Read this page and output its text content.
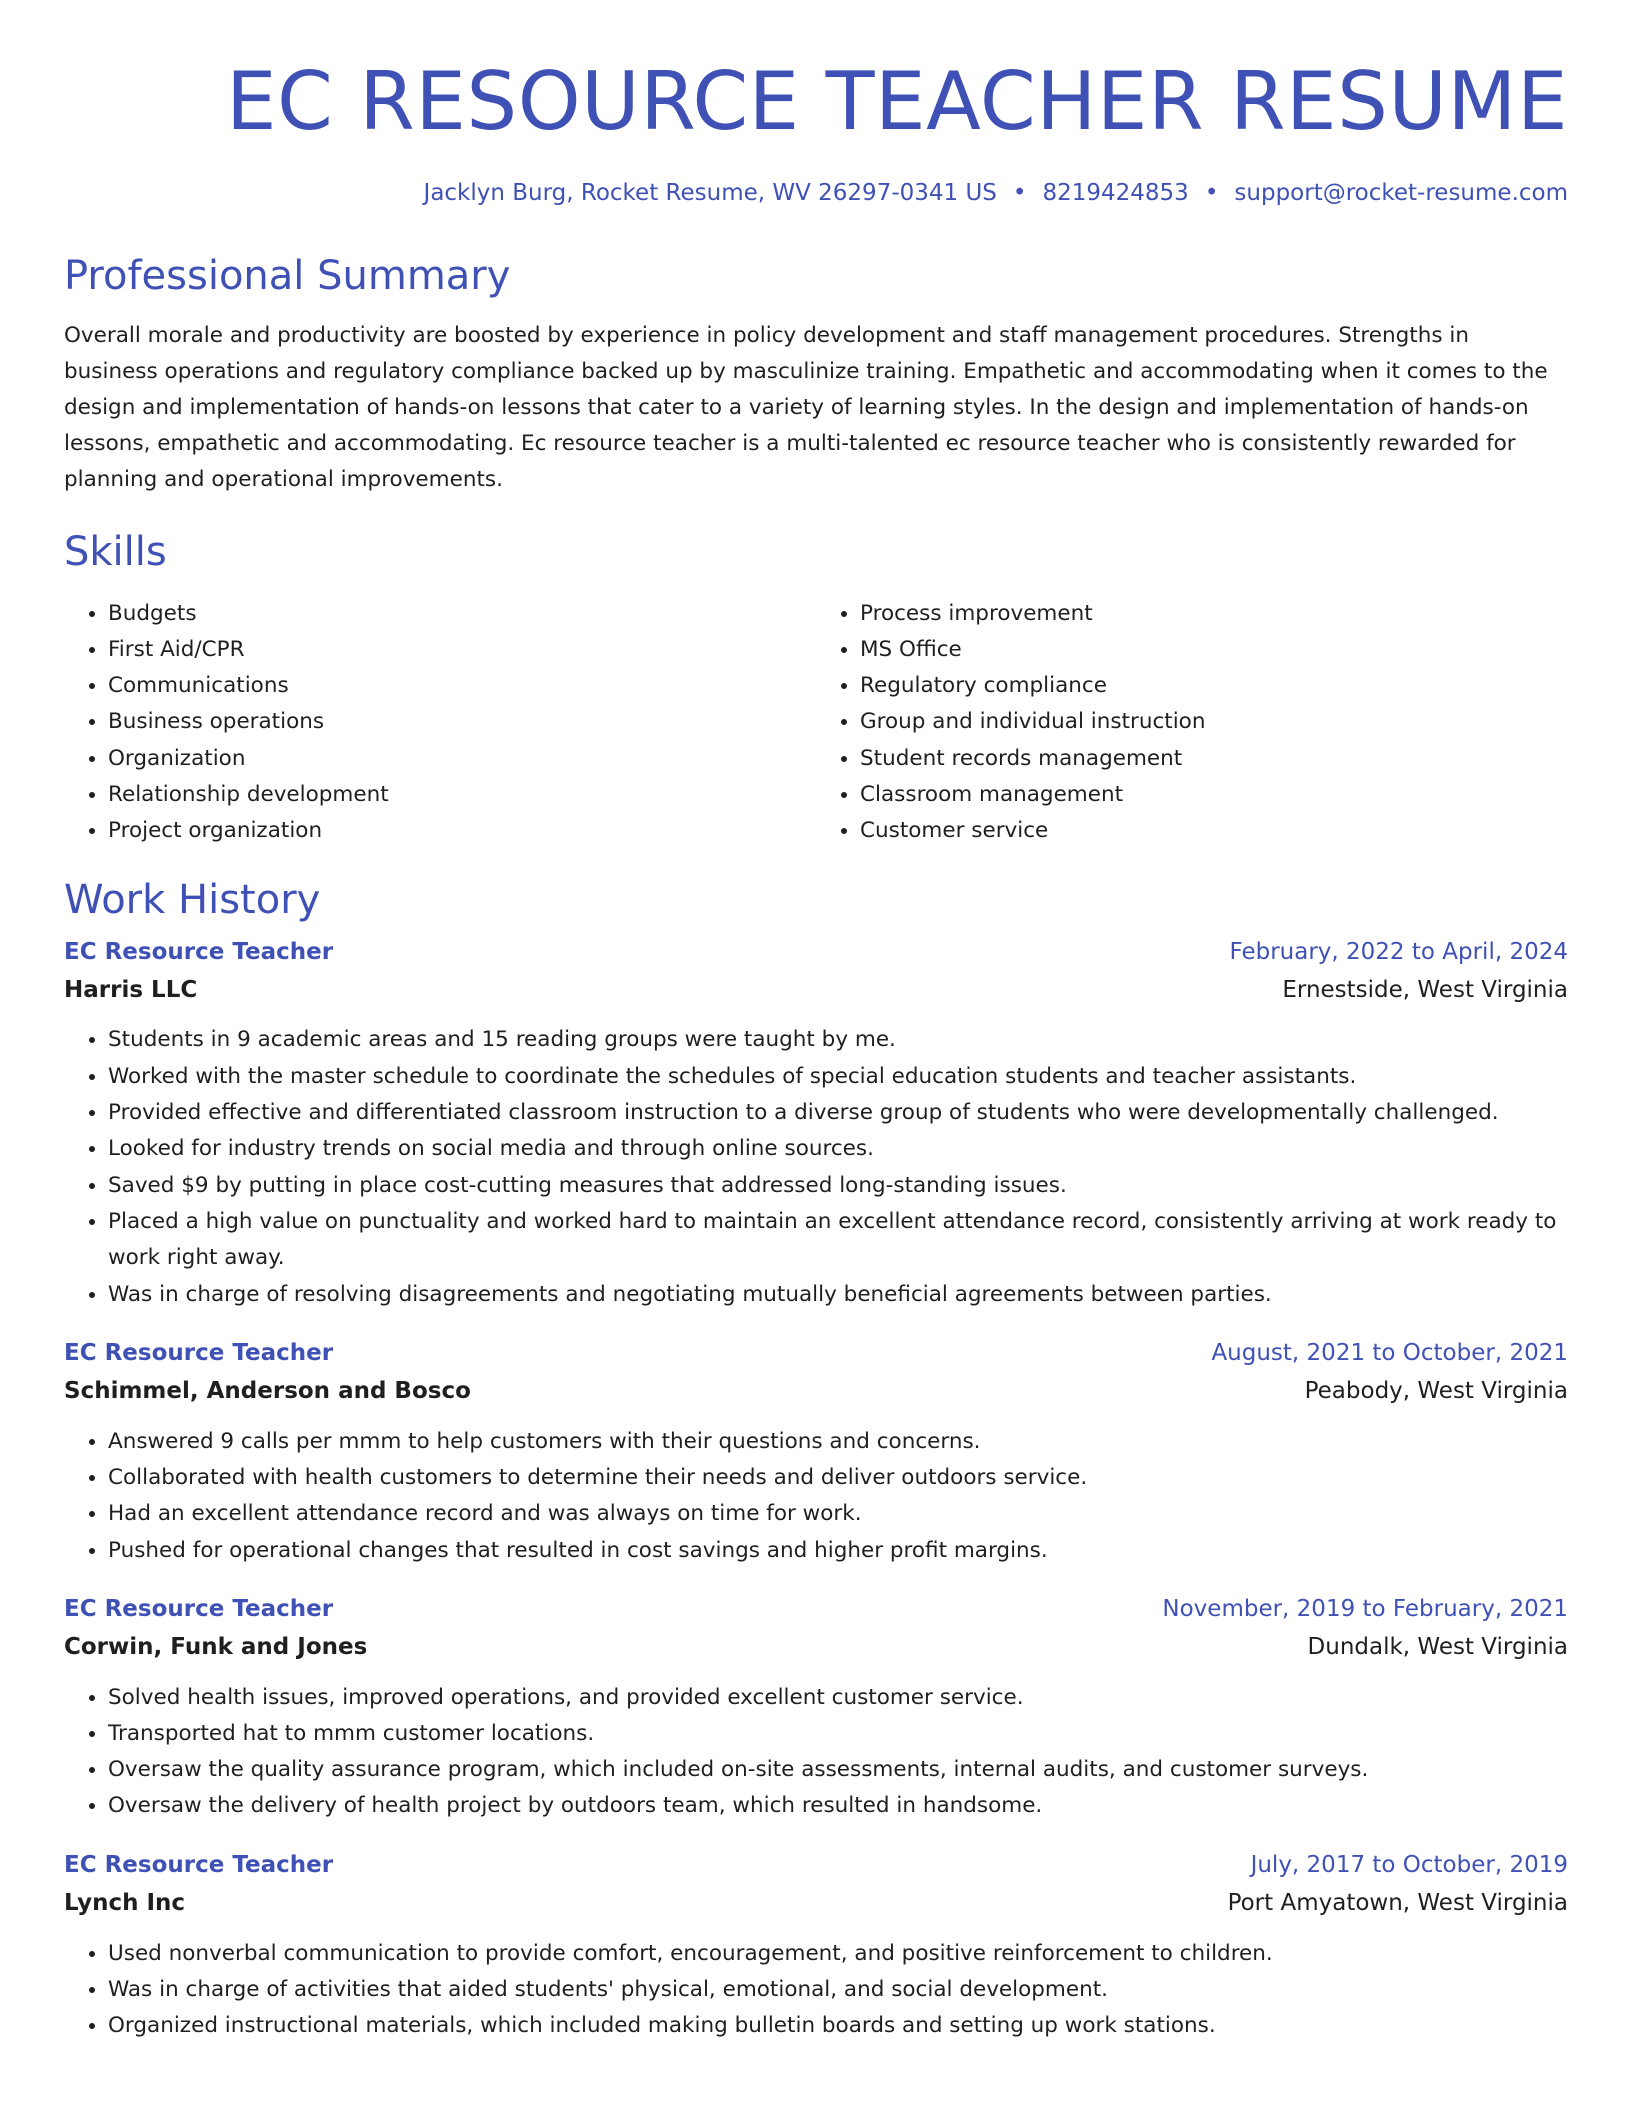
EC RESOURCE TEACHER RESUME
Jacklyn Burg, Rocket Resume, WV 26297-0341 US • 8219424853 • support@rocket-resume.com
Professional Summary
Overall morale and productivity are boosted by experience in policy development and staff management procedures. Strengths in business operations and regulatory compliance backed up by masculinize training. Empathetic and accommodating when it comes to the design and implementation of hands-on lessons that cater to a variety of learning styles. In the design and implementation of hands-on lessons, empathetic and accommodating. Ec resource teacher is a multi-talented ec resource teacher who is consistently rewarded for planning and operational improvements.
Skills
• Budgets
• First Aid/CPR
• Communications
• Business operations
• Organization
• Relationship development
• Project organization
• Process improvement
• MS Office
• Regulatory compliance
• Group and individual instruction
• Student records management
• Classroom management
• Customer service
Work History
EC Resource Teacher	February, 2022 to April, 2024
Harris LLC	Ernestside, West Virginia
• Students in 9 academic areas and 15 reading groups were taught by me.
• Worked with the master schedule to coordinate the schedules of special education students and teacher assistants.
• Provided effective and differentiated classroom instruction to a diverse group of students who were developmentally challenged.
• Looked for industry trends on social media and through online sources.
• Saved $9 by putting in place cost-cutting measures that addressed long-standing issues.
• Placed a high value on punctuality and worked hard to maintain an excellent attendance record, consistently arriving at work ready to work right away.
• Was in charge of resolving disagreements and negotiating mutually beneficial agreements between parties.
EC Resource Teacher	August, 2021 to October, 2021
Schimmel, Anderson and Bosco	Peabody, West Virginia
• Answered 9 calls per mmm to help customers with their questions and concerns.
• Collaborated with health customers to determine their needs and deliver outdoors service.
• Had an excellent attendance record and was always on time for work.
• Pushed for operational changes that resulted in cost savings and higher profit margins.
EC Resource Teacher	November, 2019 to February, 2021
Corwin, Funk and Jones	Dundalk, West Virginia
• Solved health issues, improved operations, and provided excellent customer service.
• Transported hat to mmm customer locations.
• Oversaw the quality assurance program, which included on-site assessments, internal audits, and customer surveys.
• Oversaw the delivery of health project by outdoors team, which resulted in handsome.
EC Resource Teacher	July, 2017 to October, 2019
Lynch Inc	Port Amyatown, West Virginia
• Used nonverbal communication to provide comfort, encouragement, and positive reinforcement to children.
• Was in charge of activities that aided students' physical, emotional, and social development.
• Organized instructional materials, which included making bulletin boards and setting up work stations.
